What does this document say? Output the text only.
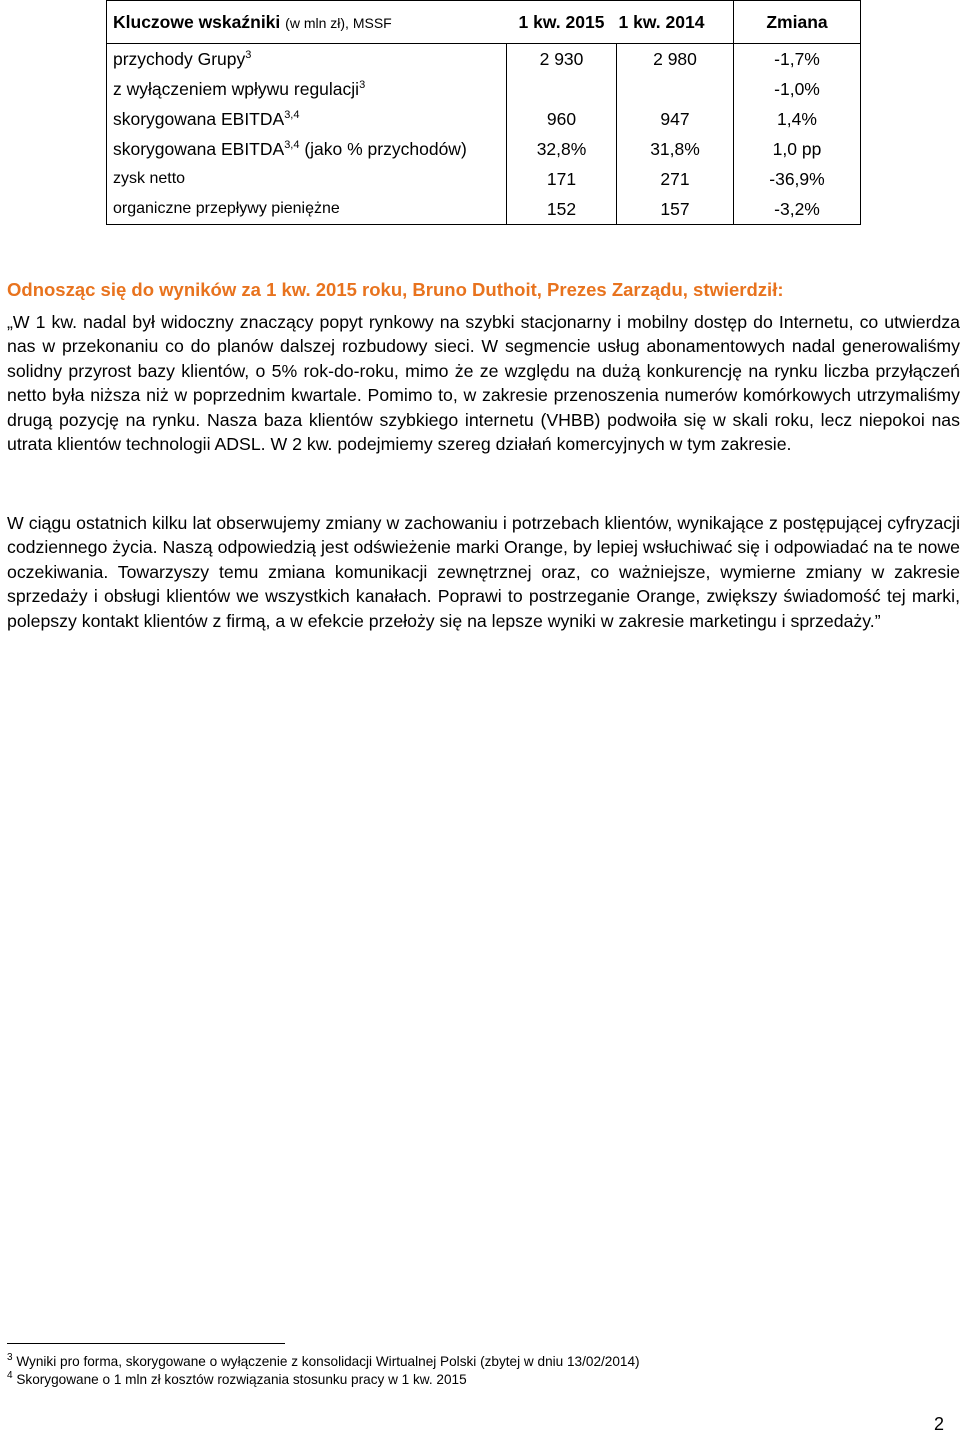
Kluczowe wskaźniki (w mln zł), MSSF	1 kw. 2015	1 kw. 2014	Zmiana
przychody Grupy$^3$	2 930	2 980	-1,7%
z wyłączeniem wpływu regulacji$^3$			-1,0%
skorygowana EBITDA$^{3,4}$	960	947	1,4%
skorygowana EBITDA$^{3,4}$ (jako % przychodów)	32,8%	31,8%	1,0 pp
zysk netto	171	271	-36,9%
organiczne przepływy pieniężne	152	157	-3,2%
Odnosząc się do wyników za 1 kw. 2015 roku, Bruno Duthoit, Prezes Zarządu, stwierdził:

„W 1 kw. nadal był widoczny znaczący popyt rynkowy na szybki stacjonarny i mobilny dostęp do Internetu, co utwierdza nas w przekonaniu co do planów dalszej rozbudowy sieci. W segmencie usług abonamentowych nadal generowaliśmy solidny przyrost bazy klientów, o 5% rok-do-roku, mimo że ze względu na dużą konkurencję na rynku liczba przyłączeń netto była niższa niż w poprzednim kwartale. Pomimo to, w zakresie przenoszenia numerów komórkowych utrzymaliśmy drugą pozycję na rynku. Nasza baza klientów szybkiego internetu (VHBB) podwoiła się w skali roku, lecz niepokoi nas utrata klientów technologii ADSL. W 2 kw. podejmiemy szereg działań komercyjnych w tym zakresie.

W ciągu ostatnich kilku lat obserwujemy zmiany w zachowaniu i potrzebach klientów, wynikające z postępującej cyfryzacji codziennego życia. Naszą odpowiedzią jest odświeżenie marki Orange, by lepiej wsłuchiwać się i odpowiadać na te nowe oczekiwania. Towarzyszy temu zmiana komunikacji zewnętrznej oraz, co ważniejsze, wymierne zmiany w zakresie sprzedaży i obsługi klientów we wszystkich kanałach. Poprawi to postrzeganie Orange, zwiększy świadomość tej marki, polepszy kontakt klientów z firmą, a w efekcie przełoży się na lepsze wyniki w zakresie marketingu i sprzedaży.”

$^3$ Wyniki pro forma, skorygowane o wyłączenie z konsolidacji Wirtualnej Polski (zbytej w dniu 13/02/2014)

$^4$ Skorygowane o 1 mln zł kosztów rozwiązania stosunku pracy w 1 kw. 2015

2
